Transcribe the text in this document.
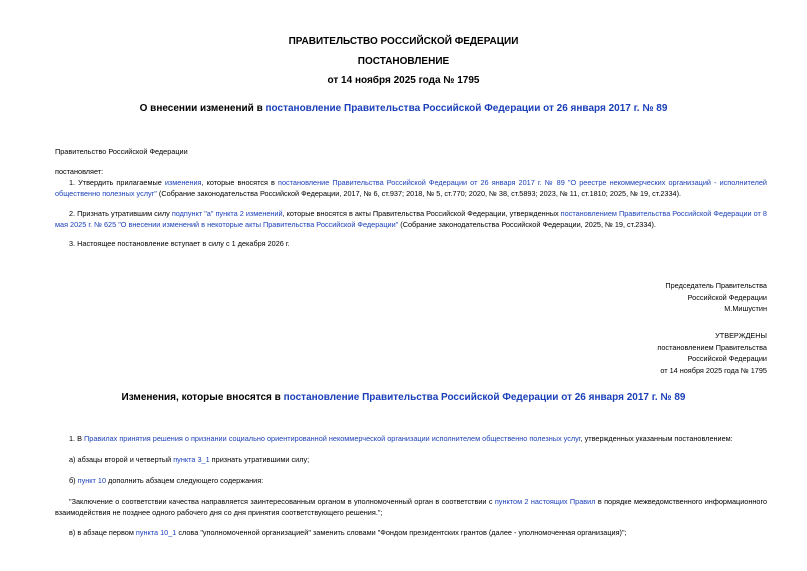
ПРАВИТЕЛЬСТВО РОССИЙСКОЙ ФЕДЕРАЦИИ
ПОСТАНОВЛЕНИЕ
от 14 ноября 2025 года № 1795
О внесении изменений в постановление Правительства Российской Федерации от 26 января 2017 г. № 89
Правительство Российской Федерации
постановляет:
1. Утвердить прилагаемые изменения, которые вносятся в постановление Правительства Российской Федерации от 26 января 2017 г. № 89 "О реестре некоммерческих организаций - исполнителей общественно полезных услуг" (Собрание законодательства Российской Федерации, 2017, № 6, ст.937; 2018, № 5, ст.770; 2020, № 38, ст.5893; 2023, № 11, ст.1810; 2025, № 19, ст.2334).
2. Признать утратившим силу подпункт "а" пункта 2 изменений, которые вносятся в акты Правительства Российской Федерации, утвержденных постановлением Правительства Российской Федерации от 8 мая 2025 г. № 625 "О внесении изменений в некоторые акты Правительства Российской Федерации" (Собрание законодательства Российской Федерации, 2025, № 19, ст.2334).
3. Настоящее постановление вступает в силу с 1 декабря 2026 г.
Председатель Правительства
Российской Федерации
М.Мишустин
УТВЕРЖДЕНЫ
постановлением Правительства
Российской Федерации
от 14 ноября 2025 года № 1795
Изменения, которые вносятся в постановление Правительства Российской Федерации от 26 января 2017 г. № 89
1. В Правилах принятия решения о признании социально ориентированной некоммерческой организации исполнителем общественно полезных услуг, утвержденных указанным постановлением:
а) абзацы второй и четвертый пункта 3_1 признать утратившими силу;
б) пункт 10 дополнить абзацем следующего содержания:
"Заключение о соответствии качества направляется заинтересованным органом в уполномоченный орган в соответствии с пунктом 2 настоящих Правил в порядке межведомственного информационного взаимодействия не позднее одного рабочего дня со дня принятия соответствующего решения.";
в) в абзаце первом пункта 10_1 слова "уполномоченной организацией" заменить словами "Фондом президентских грантов (далее - уполномоченная организация)";
